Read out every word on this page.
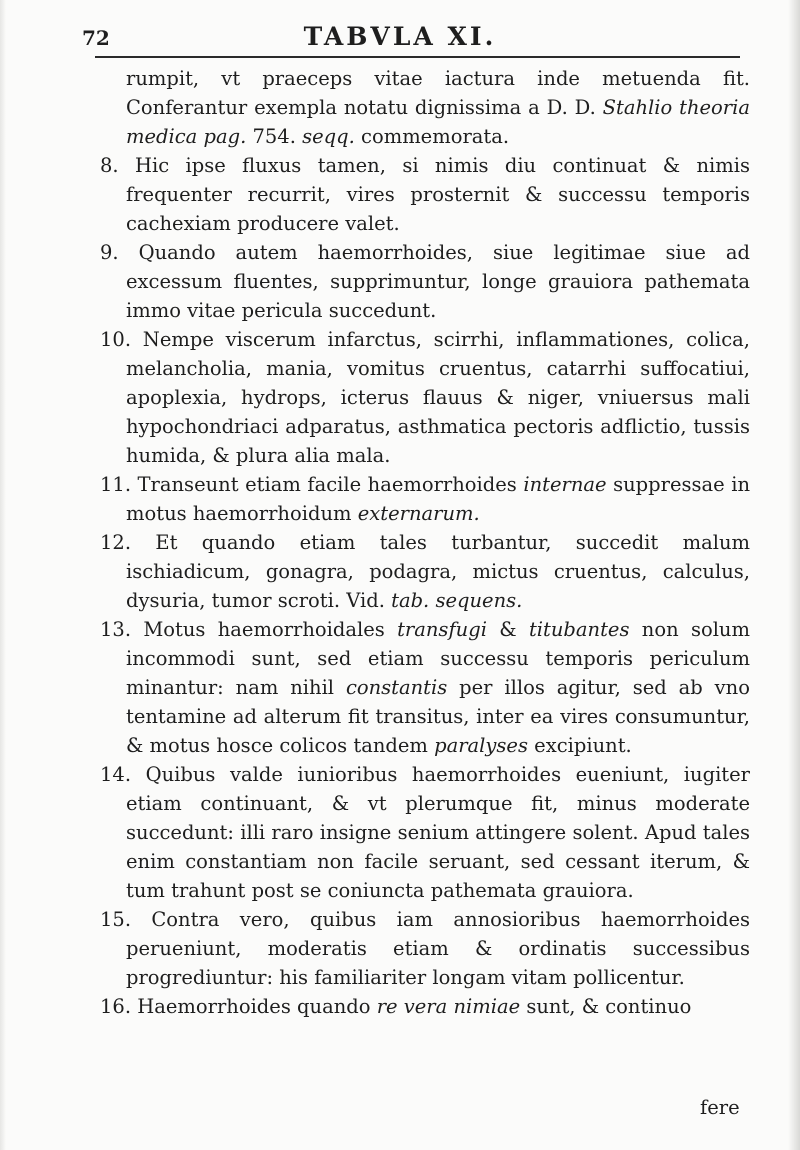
72	TABVLA XI.

rumpit, vt praeceps vitae iactura inde metuenda fit. Conferantur exempla notatu dignissima a D. D. Stahlio theoria medica pag. 754. seqq. commemorata.

8. Hic ipse fluxus tamen, si nimis diu continuat & nimis frequenter recurrit, vires prosternit & successu temporis cachexiam producere valet.

9. Quando autem haemorrhoides, siue legitimae siue ad excessum fluentes, supprimuntur, longe grauiora pathemata immo vitae pericula succedunt.

10. Nempe viscerum infarctus, scirrhi, inflammationes, colica, melancholia, mania, vomitus cruentus, catarrhi suffocatiui, apoplexia, hydrops, icterus flauus & niger, vniuersus mali hypochondriaci adparatus, asthmatica pectoris adflictio, tussis humida, & plura alia mala.

11. Transeunt etiam facile haemorrhoides internae suppressae in motus haemorrhoidum externarum.

12. Et quando etiam tales turbantur, succedit malum ischiadicum, gonagra, podagra, mictus cruentus, calculus, dysuria, tumor scroti. Vid. tab. sequens.

13. Motus haemorrhoidales transfugi & titubantes non solum incommodi sunt, sed etiam successu temporis periculum minantur: nam nihil constantis per illos agitur, sed ab vno tentamine ad alterum fit transitus, inter ea vires consumuntur, & motus hosce colicos tandem paralyses excipiunt.

14. Quibus valde iunioribus haemorrhoides eueniunt, iugiter etiam continuant, & vt plerumque fit, minus moderate succedunt: illi raro insigne senium attingere solent. Apud tales enim constantiam non facile seruant, sed cessant iterum, & tum trahunt post se coniuncta pathemata grauiora.

15. Contra vero, quibus iam annosioribus haemorrhoides perueniunt, moderatis etiam & ordinatis successibus progrediuntur: his familiariter longam vitam pollicentur.

16. Haemorrhoides quando re vera nimiae sunt, & continuo

fere
